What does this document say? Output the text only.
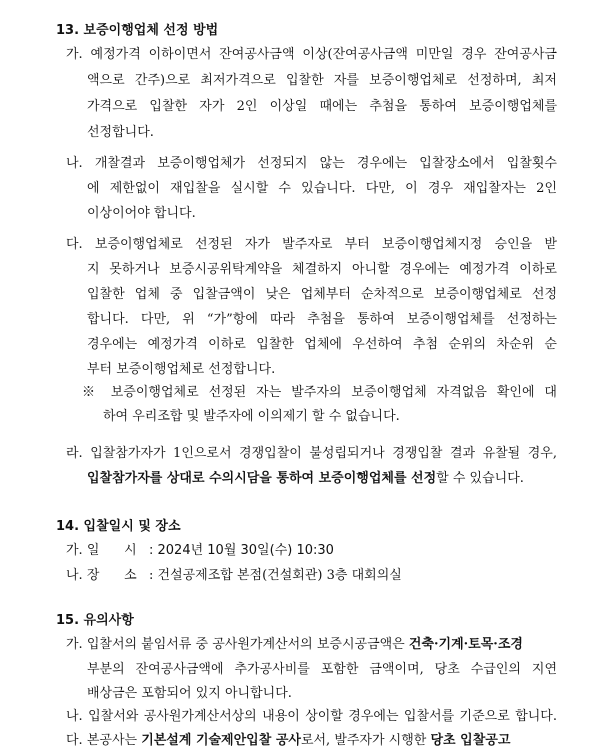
13. 보증이행업체 선정 방법
가. 예정가격 이하이면서 잔여공사금액 이상(잔여공사금액 미만일 경우 잔여공사금
액으로 간주)으로 최저가격으로 입찰한 자를 보증이행업체로 선정하며, 최저
가격으로 입찰한 자가 2인 이상일 때에는 추첨을 통하여 보증이행업체를
선정합니다.
나. 개찰결과 보증이행업체가 선정되지 않는 경우에는 입찰장소에서 입찰횟수
에 제한없이 재입찰을 실시할 수 있습니다. 다만, 이 경우 재입찰자는 2인
이상이어야 합니다.
다. 보증이행업체로 선정된 자가 발주자로 부터 보증이행업체지정 승인을 받
지 못하거나 보증시공위탁계약을 체결하지 아니할 경우에는 예정가격 이하로
입찰한 업체 중 입찰금액이 낮은 업체부터 순차적으로 보증이행업체로 선정
합니다. 다만, 위 “가”항에 따라 추첨을 통하여 보증이행업체를 선정하는
경우에는 예정가격 이하로 입찰한 업체에 우선하여 추첨 순위의 차순위 순
부터 보증이행업체로 선정합니다.
※ 보증이행업체로 선정된 자는 발주자의 보증이행업체 자격없음 확인에 대
하여 우리조합 및 발주자에 이의제기 할 수 없습니다.
라. 입찰참가자가 1인으로서 경쟁입찰이 불성립되거나 경쟁입찰 결과 유찰될 경우,
입찰참가자를 상대로 수의시담을 통하여 보증이행업체를 선정할 수 있습니다.
14. 입찰일시 및 장소
가. 일      시 : 2024년 10월 30일(수) 10:30
나. 장      소 : 건설공제조합 본점(건설회관) 3층 대회의실
15. 유의사항
가. 입찰서의 붙임서류 중 공사원가계산서의 보증시공금액은 건축·기계·토목·조경
부분의 잔여공사금액에 추가공사비를 포함한 금액이며, 당초 수급인의 지연
배상금은 포함되어 있지 아니합니다.
나. 입찰서와 공사원가계산서상의 내용이 상이할 경우에는 입찰서를 기준으로 합니다.
다. 본공사는 기본설계 기술제안입찰 공사로서, 발주자가 시행한 당초 입찰공고
